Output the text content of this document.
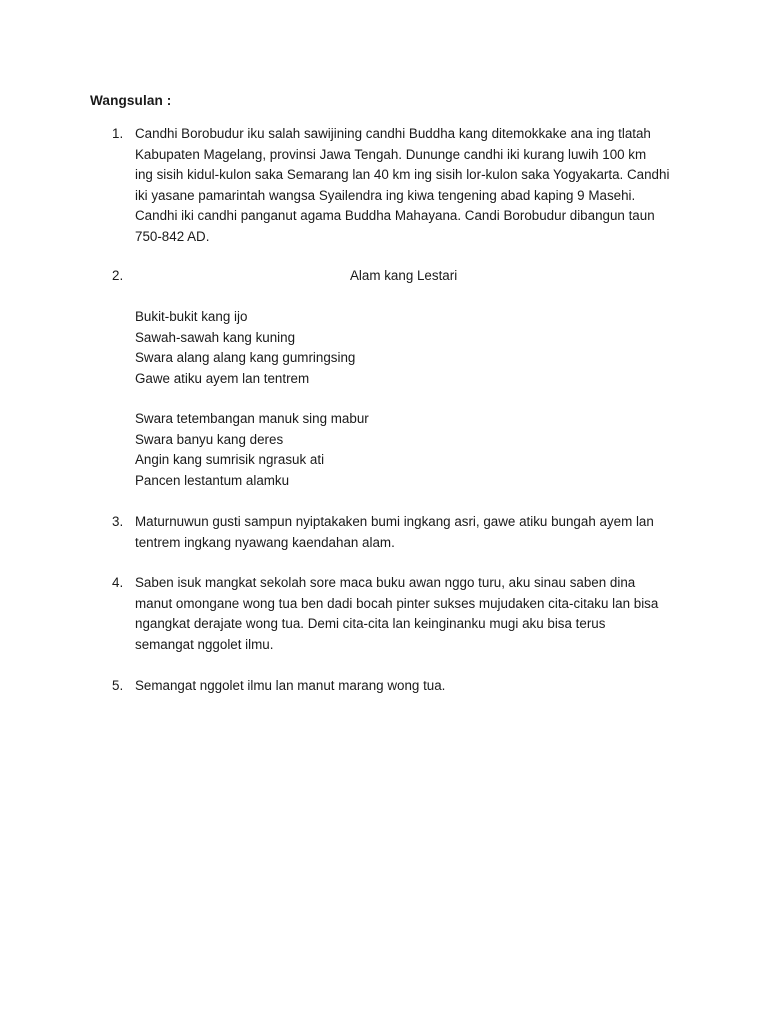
Wangsulan :
1. Candhi Borobudur iku salah sawijining candhi Buddha kang ditemokkake ana ing tlatah
Kabupaten Magelang, provinsi Jawa Tengah. Dununge candhi iki kurang luwih 100 km
ing sisih kidul-kulon saka Semarang lan 40 km ing sisih lor-kulon saka Yogyakarta. Candhi
iki yasane pamarintah wangsa Syailendra ing kiwa tengening abad kaping 9 Masehi.
Candhi iki candhi panganut agama Buddha Mahayana. Candi Borobudur dibangun taun
750-842 AD.
2.	Alam kang Lestari
Bukit-bukit kang ijo
Sawah-sawah kang kuning
Swara alang alang kang gumringsing
Gawe atiku ayem lan tentrem
Swara tetembangan manuk sing mabur
Swara banyu kang deres
Angin kang sumrisik ngrasuk ati
Pancen lestantum alamku
3. Maturnuwun gusti sampun nyiptakaken bumi ingkang asri, gawe atiku bungah ayem lan
tentrem ingkang nyawang kaendahan alam.
4. Saben isuk mangkat sekolah sore maca buku awan nggo turu, aku sinau saben dina
manut omongane wong tua ben dadi bocah pinter sukses mujudaken cita-citaku lan bisa
ngangkat derajate wong tua. Demi cita-cita lan keinginanku mugi aku bisa terus
semangat nggolet ilmu.
5. Semangat nggolet ilmu lan manut marang wong tua.
